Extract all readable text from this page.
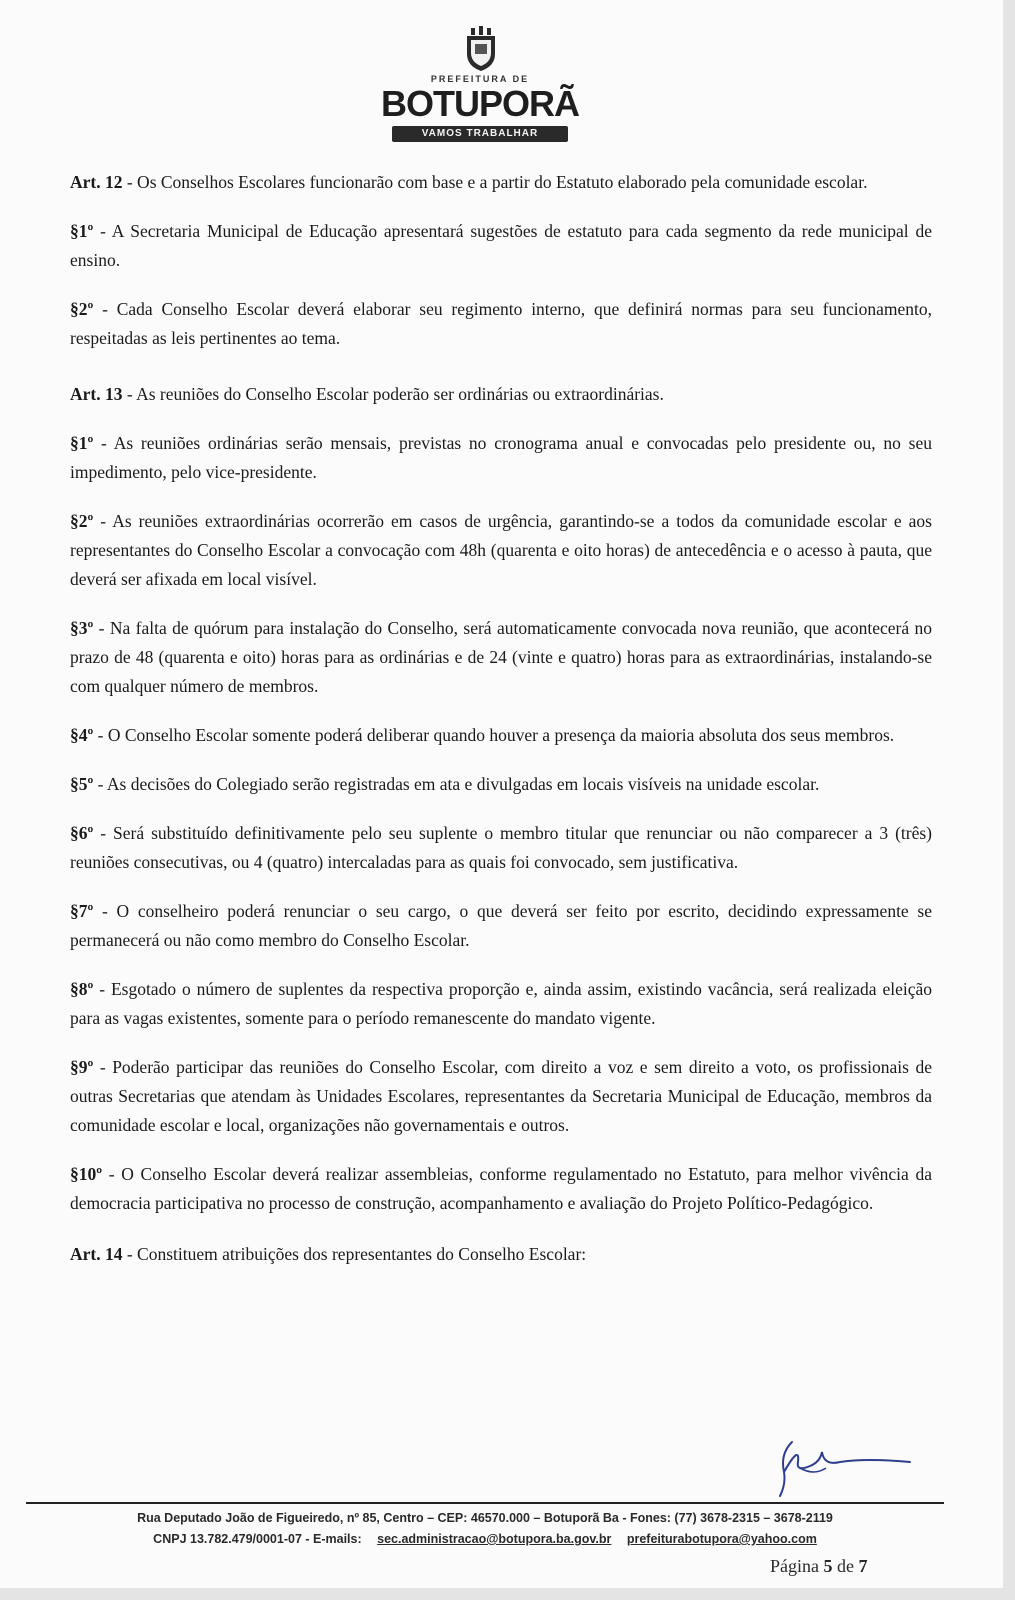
PREFEITURA DE
BOTUPORÃ
VAMOS TRABALHAR

Art. 12 - Os Conselhos Escolares funcionarão com base e a partir do Estatuto elaborado pela comunidade escolar.

§1º - A Secretaria Municipal de Educação apresentará sugestões de estatuto para cada segmento da rede municipal de ensino.

§2º - Cada Conselho Escolar deverá elaborar seu regimento interno, que definirá normas para seu funcionamento, respeitadas as leis pertinentes ao tema.

Art. 13 - As reuniões do Conselho Escolar poderão ser ordinárias ou extraordinárias.

§1º - As reuniões ordinárias serão mensais, previstas no cronograma anual e convocadas pelo presidente ou, no seu impedimento, pelo vice-presidente.

§2º - As reuniões extraordinárias ocorrerão em casos de urgência, garantindo-se a todos da comunidade escolar e aos representantes do Conselho Escolar a convocação com 48h (quarenta e oito horas) de antecedência e o acesso à pauta, que deverá ser afixada em local visível.

§3º - Na falta de quórum para instalação do Conselho, será automaticamente convocada nova reunião, que acontecerá no prazo de 48 (quarenta e oito) horas para as ordinárias e de 24 (vinte e quatro) horas para as extraordinárias, instalando-se com qualquer número de membros.

§4º - O Conselho Escolar somente poderá deliberar quando houver a presença da maioria absoluta dos seus membros.

§5º - As decisões do Colegiado serão registradas em ata e divulgadas em locais visíveis na unidade escolar.

§6º - Será substituído definitivamente pelo seu suplente o membro titular que renunciar ou não comparecer a 3 (três) reuniões consecutivas, ou 4 (quatro) intercaladas para as quais foi convocado, sem justificativa.

§7º - O conselheiro poderá renunciar o seu cargo, o que deverá ser feito por escrito, decidindo expressamente se permanecerá ou não como membro do Conselho Escolar.

§8º - Esgotado o número de suplentes da respectiva proporção e, ainda assim, existindo vacância, será realizada eleição para as vagas existentes, somente para o período remanescente do mandato vigente.

§9º - Poderão participar das reuniões do Conselho Escolar, com direito a voz e sem direito a voto, os profissionais de outras Secretarias que atendam às Unidades Escolares, representantes da Secretaria Municipal de Educação, membros da comunidade escolar e local, organizações não governamentais e outros.

§10º - O Conselho Escolar deverá realizar assembleias, conforme regulamentado no Estatuto, para melhor vivência da democracia participativa no processo de construção, acompanhamento e avaliação do Projeto Político-Pedagógico.

Art. 14 - Constituem atribuições dos representantes do Conselho Escolar:

Rua Deputado João de Figueiredo, nº 85, Centro – CEP: 46570.000 – Botuporã Ba - Fones: (77) 3678-2315 – 3678-2119
CNPJ 13.782.479/0001-07 - E-mails: sec.administracao@botupora.ba.gov.br prefeiturabotupora@yahoo.com
Página 5 de 7
